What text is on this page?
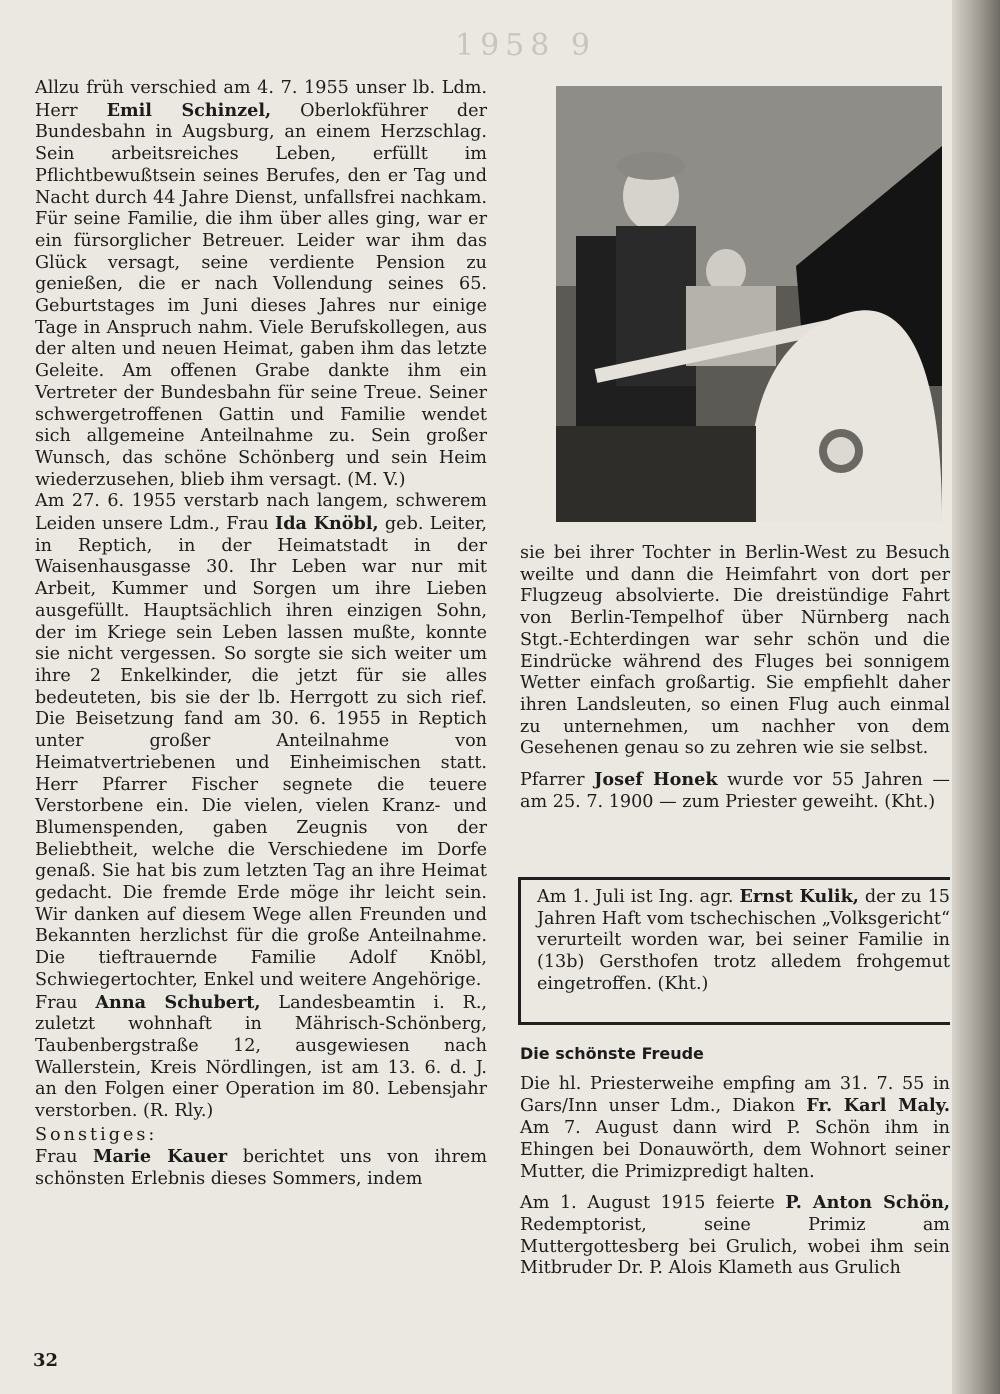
1958 9

Allzu früh verschied am 4. 7. 1955 unser lb. Ldm. Herr Emil Schinzel, Oberlokführer der Bundesbahn in Augsburg, an einem Herzschlag. Sein arbeitsreiches Leben, erfüllt im Pflichtbewußtsein seines Berufes, den er Tag und Nacht durch 44 Jahre Dienst, unfallsfrei nachkam. Für seine Familie, die ihm über alles ging, war er ein fürsorglicher Betreuer. Leider war ihm das Glück versagt, seine verdiente Pension zu genießen, die er nach Vollendung seines 65. Geburtstages im Juni dieses Jahres nur einige Tage in Anspruch nahm. Viele Berufskollegen, aus der alten und neuen Heimat, gaben ihm das letzte Geleite. Am offenen Grabe dankte ihm ein Vertreter der Bundesbahn für seine Treue. Seiner schwergetroffenen Gattin und Familie wendet sich allgemeine Anteilnahme zu. Sein großer Wunsch, das schöne Schönberg und sein Heim wiederzusehen, blieb ihm versagt. (M. V.)

Am 27. 6. 1955 verstarb nach langem, schwerem Leiden unsere Ldm., Frau Ida Knöbl, geb. Leiter, in Reptich, in der Heimatstadt in der Waisenhausgasse 30. Ihr Leben war nur mit Arbeit, Kummer und Sorgen um ihre Lieben ausgefüllt. Hauptsächlich ihren einzigen Sohn, der im Kriege sein Leben lassen mußte, konnte sie nicht vergessen. So sorgte sie sich weiter um ihre 2 Enkelkinder, die jetzt für sie alles bedeuteten, bis sie der lb. Herrgott zu sich rief. Die Beisetzung fand am 30. 6. 1955 in Reptich unter großer Anteilnahme von Heimatvertriebenen und Einheimischen statt. Herr Pfarrer Fischer segnete die teuere Verstorbene ein. Die vielen, vielen Kranz- und Blumenspenden, gaben Zeugnis von der Beliebtheit, welche die Verschiedene im Dorfe genaß. Sie hat bis zum letzten Tag an ihre Heimat gedacht. Die fremde Erde möge ihr leicht sein. Wir danken auf diesem Wege allen Freunden und Bekannten herzlichst für die große Anteilnahme. Die tieftrauernde Familie Adolf Knöbl, Schwiegertochter, Enkel und weitere Angehörige.

Frau Anna Schubert, Landesbeamtin i. R., zuletzt wohnhaft in Mährisch-Schönberg, Taubenbergstraße 12, ausgewiesen nach Wallerstein, Kreis Nördlingen, ist am 13. 6. d. J. an den Folgen einer Operation im 80. Lebensjahr verstorben. (R. Rly.)

Sonstiges:

Frau Marie Kauer berichtet uns von ihrem schönsten Erlebnis dieses Sommers, indem

sie bei ihrer Tochter in Berlin-West zu Besuch weilte und dann die Heimfahrt von dort per Flugzeug absolvierte. Die dreistündige Fahrt von Berlin-Tempelhof über Nürnberg nach Stgt.-Echterdingen war sehr schön und die Eindrücke während des Fluges bei sonnigem Wetter einfach großartig. Sie empfiehlt daher ihren Landsleuten, so einen Flug auch einmal zu unternehmen, um nachher von dem Gesehenen genau so zu zehren wie sie selbst.

Pfarrer Josef Honek wurde vor 55 Jahren — am 25. 7. 1900 — zum Priester geweiht. (Kht.)

Am 1. Juli ist Ing. agr. Ernst Kulik, der zu 15 Jahren Haft vom tschechischen „Volksgericht“ verurteilt worden war, bei seiner Familie in (13b) Gersthofen trotz alledem frohgemut eingetroffen. (Kht.)

Die schönste Freude

Die hl. Priesterweihe empfing am 31. 7. 55 in Gars/Inn unser Ldm., Diakon Fr. Karl Maly. Am 7. August dann wird P. Schön ihm in Ehingen bei Donauwörth, dem Wohnort seiner Mutter, die Primizpredigt halten.

Am 1. August 1915 feierte P. Anton Schön, Redemptorist, seine Primiz am Muttergottesberg bei Grulich, wobei ihm sein Mitbruder Dr. P. Alois Klameth aus Grulich

32
